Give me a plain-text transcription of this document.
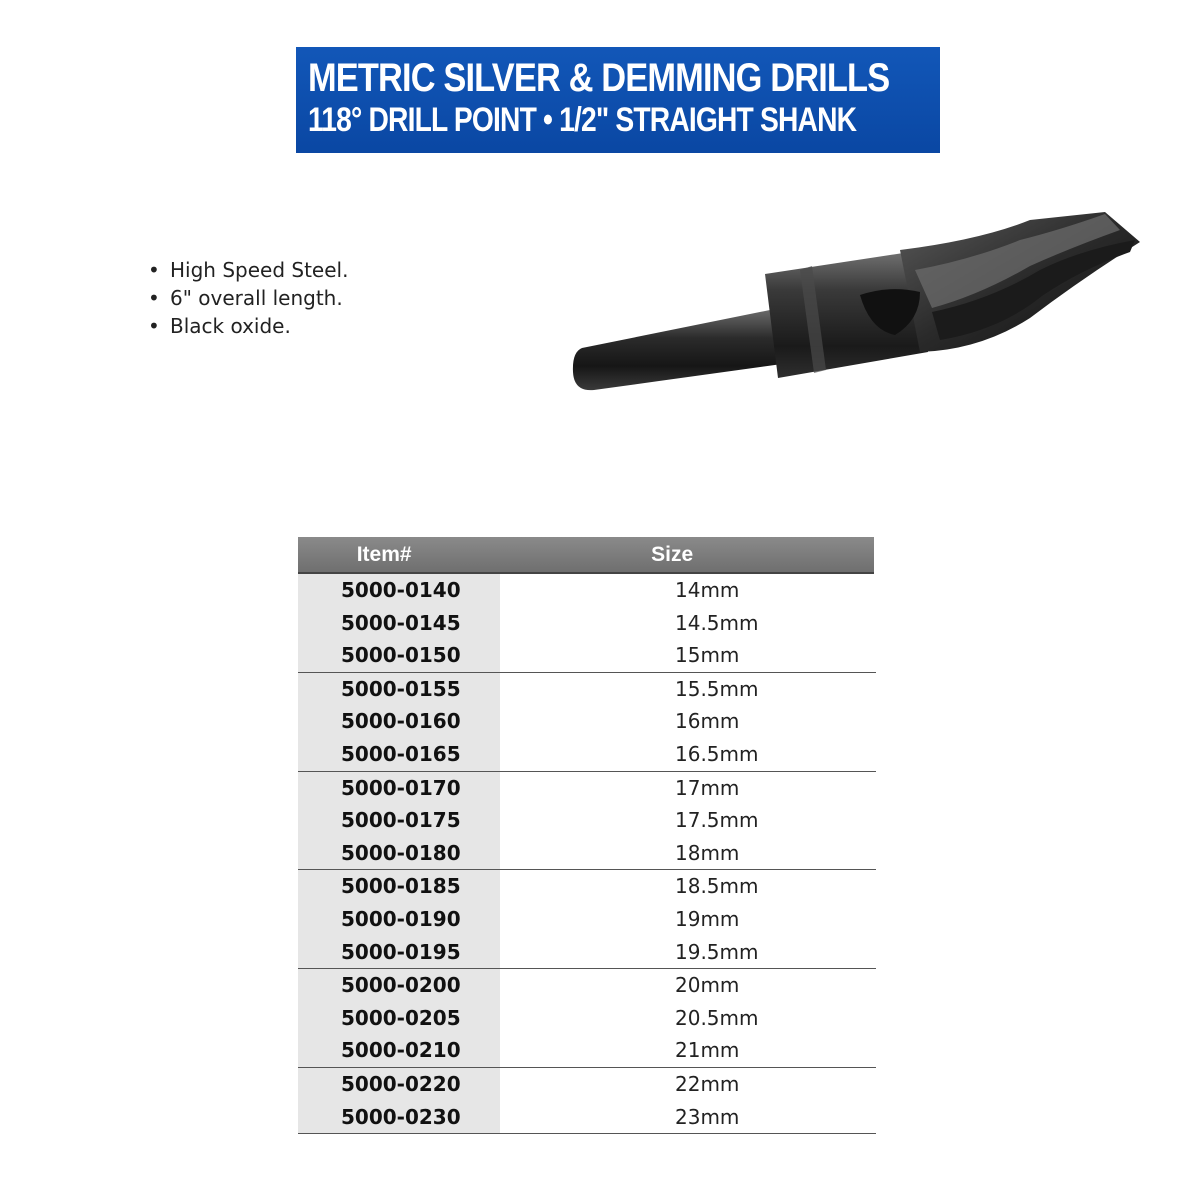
METRIC SILVER & DEMMING DRILLS
118° DRILL POINT • 1/2" STRAIGHT SHANK
• High Speed Steel.
• 6" overall length.
• Black oxide.
Item#	Size
5000-0140	14mm
5000-0145	14.5mm
5000-0150	15mm
5000-0155	15.5mm
5000-0160	16mm
5000-0165	16.5mm
5000-0170	17mm
5000-0175	17.5mm
5000-0180	18mm
5000-0185	18.5mm
5000-0190	19mm
5000-0195	19.5mm
5000-0200	20mm
5000-0205	20.5mm
5000-0210	21mm
5000-0220	22mm
5000-0230	23mm
